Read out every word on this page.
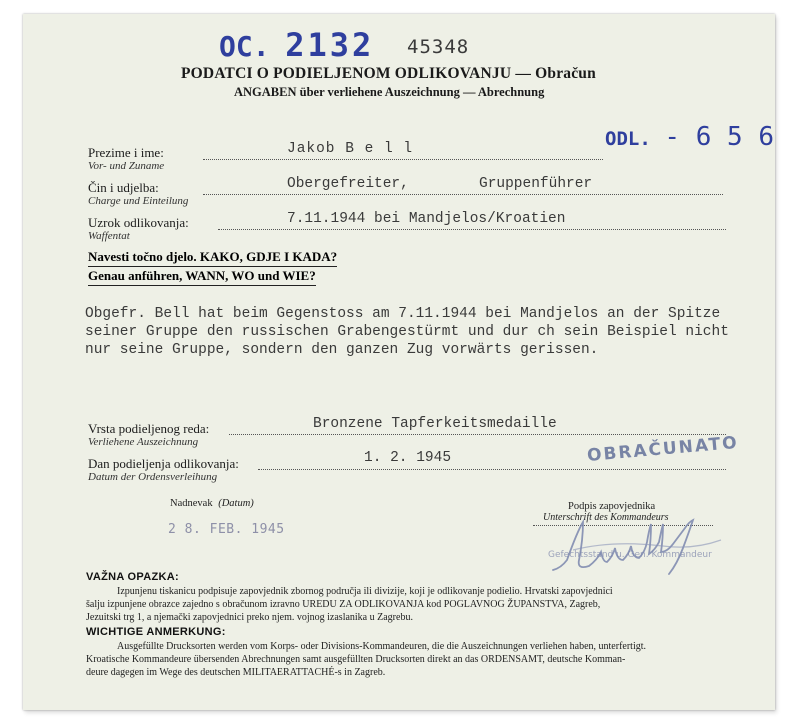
OC. 2132 45348
PODATCI O PODIELJENOM ODLIKOVANJU — Obračun
ANGABEN über verliehene Auszeichnung — Abrechnung
ODL. - 6 5 6
Prezime i ime:
Vor- und Zuname
Jakob B e l l
Čin i udjelba:
Charge und Einteilung
Obergefreiter,	Gruppenführer
Uzrok odlikovanja:
Waffentat
7.11.1944 bei Mandjelos/Kroatien
Navesti točno djelo. KAKO, GDJE I KADA?
Genau anführen, WANN, WO und WIE?
Obgefr. Bell hat beim Gegenstoss am 7.11.1944 bei Mandjelos an der Spitze
seiner Gruppe den russischen Grabengestürmt und dur ch sein Beispiel nicht
nur seine Gruppe, sondern den ganzen Zug vorwärts gerissen.
Vrsta podieljenog reda:
Verliehene Auszeichnung
Bronzene Tapferkeitsmedaille
Dan podieljenja odlikovanja:
Datum der Ordensverleihung
1. 2. 1945	OBRAČUNATO
Nadnevak (Datum)
2 8. FEB. 1945
Podpis zapovjednika
Unterschrift des Kommandeurs
Gefechtsstand u. Gen. Kommandeur
VAŽNA OPAZKA:
Izpunjenu tiskanicu podpisuje zapovjednik zbornog područja ili divizije, koji je odlikovanje podielio. Hrvatski zapovjednici
šalju izpunjene obrazce zajedno s obračunom izravno UREDU ZA ODLIKOVANJA kod POGLAVNOG ŽUPANSTVA, Zagreb,
Jezuitski trg 1, a njemački zapovjednici preko njem. vojnog izaslanika u Zagrebu.
WICHTIGE ANMERKUNG:
Ausgefüllte Drucksorten werden vom Korps- oder Divisions-Kommandeuren, die die Auszeichnungen verliehen haben, unterfertigt.
Kroatische Kommandeure übersenden Abrechnungen samt ausgefüllten Drucksorten direkt an das ORDENSAMT, deutsche Komman-
deure dagegen im Wege des deutschen MILITAERATTACHÉ-s in Zagreb.
